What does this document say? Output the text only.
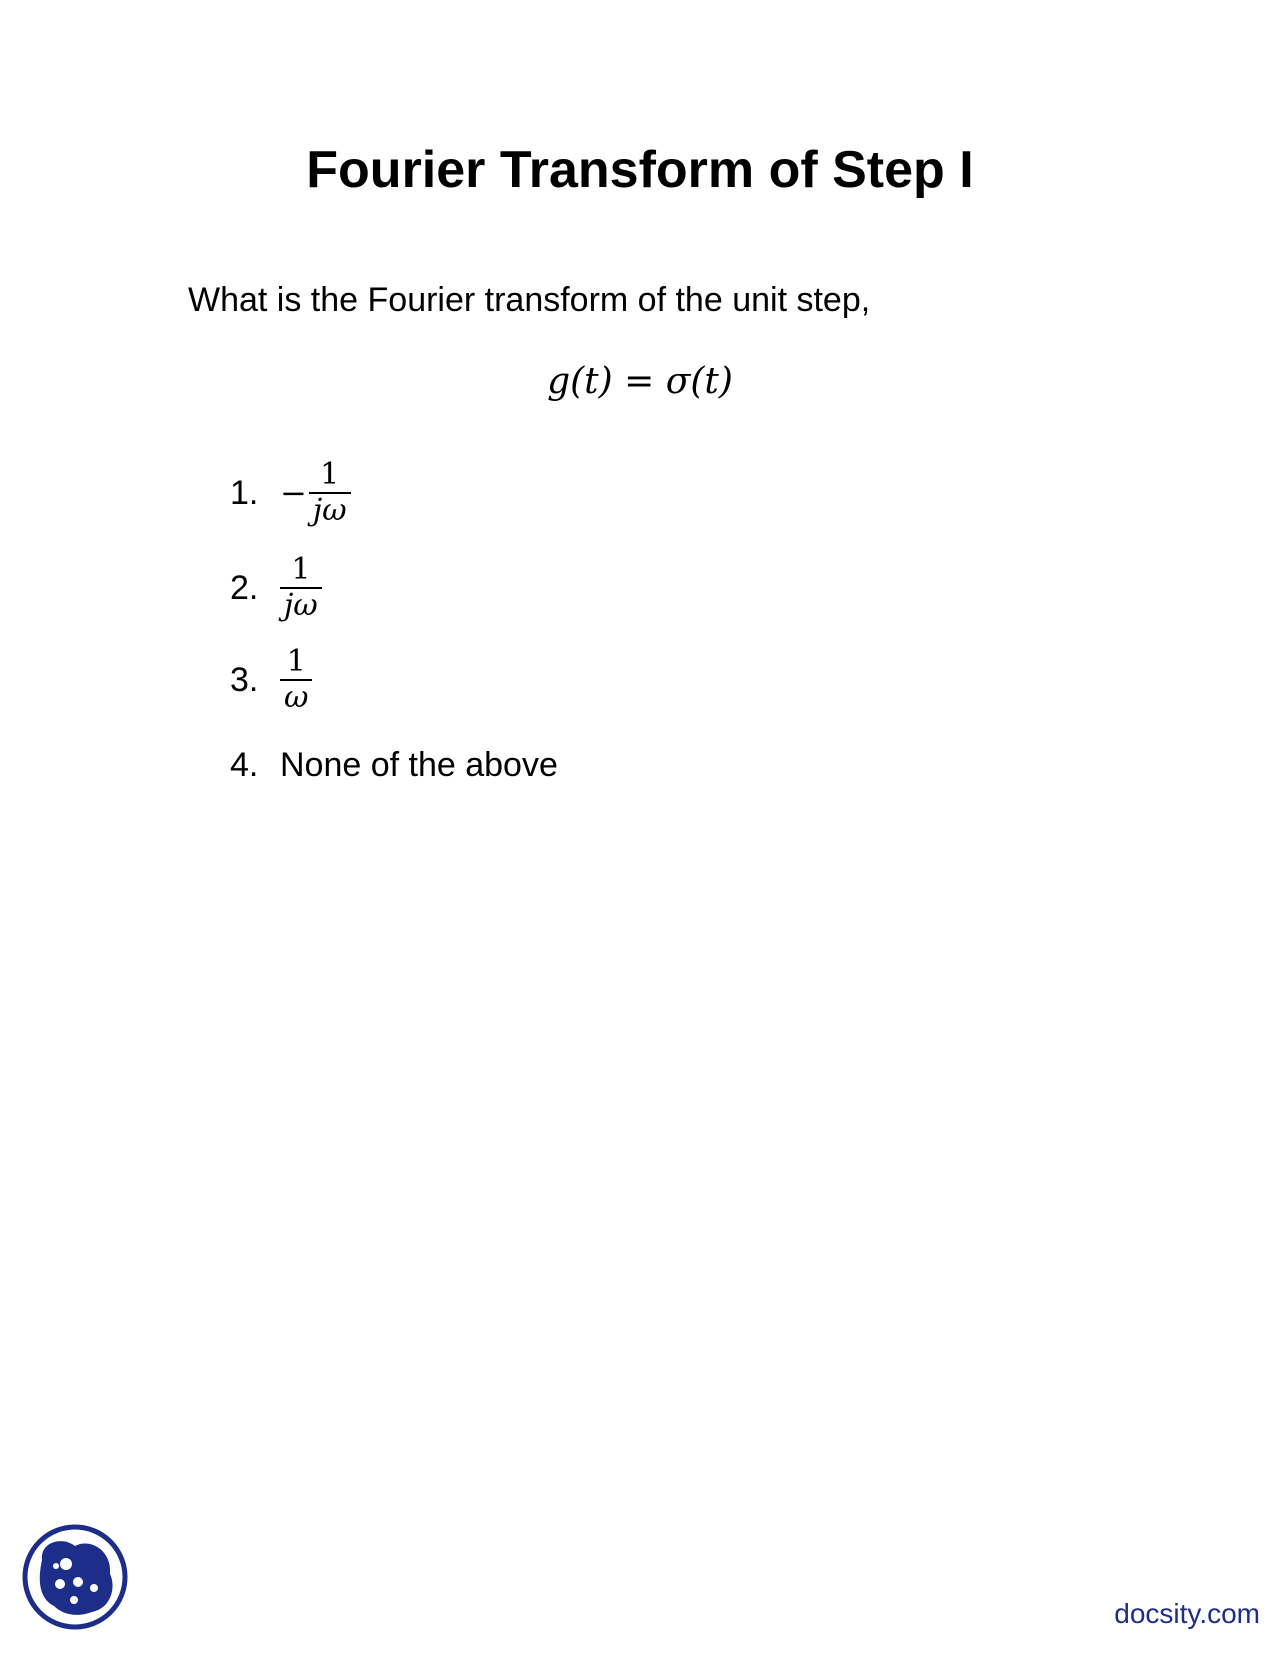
Fourier Transform of Step I
What is the Fourier transform of the unit step,
g(t) = σ(t)
1. − $\frac{1}{j\omega}$
2. $\frac{1}{j\omega}$
3. $\frac{1}{\omega}$
4. None of the above
docsity.com
